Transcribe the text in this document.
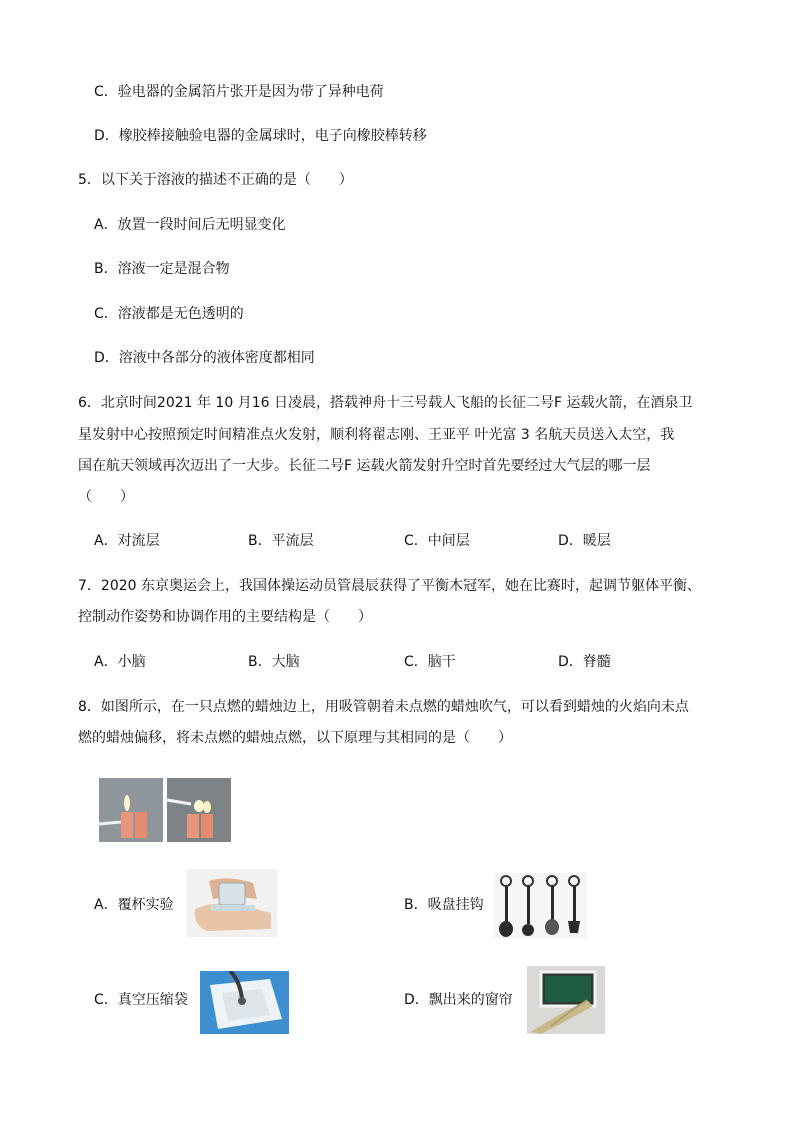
C．验电器的金属箔片张开是因为带了异种电荷
D．橡胶棒接触验电器的金属球时，电子向橡胶棒转移
5．以下关于溶液的描述不正确的是（　　）
A．放置一段时间后无明显变化
B．溶液一定是混合物
C．溶液都是无色透明的
D．溶液中各部分的液体密度都相同
6．北京时间2021 年 10 月16 日凌晨，搭载神舟十三号载人飞船的长征二号F 运载火箭，在酒泉卫
星发射中心按照预定时间精准点火发射，顺利将翟志刚、王亚平 叶光富 3 名航天员送入太空，我
国在航天领域再次迈出了一大步。长征二号F 运载火箭发射升空时首先要经过大气层的哪一层
（　　）
A．对流层	B．平流层	C．中间层	D．暖层
7．2020 东京奥运会上，我国体操运动员管晨辰获得了平衡木冠军，她在比赛时，起调节躯体平衡、
控制动作姿势和协调作用的主要结构是（　　）
A．小脑	B．大脑	C．脑干	D．脊髓
8．如图所示，在一只点燃的蜡烛边上，用吸管朝着未点燃的蜡烛吹气，可以看到蜡烛的火焰向未点
燃的蜡烛偏移，将未点燃的蜡烛点燃，以下原理与其相同的是（　　）
A．覆杯实验	B．吸盘挂钩
C．真空压缩袋	D．飘出来的窗帘
